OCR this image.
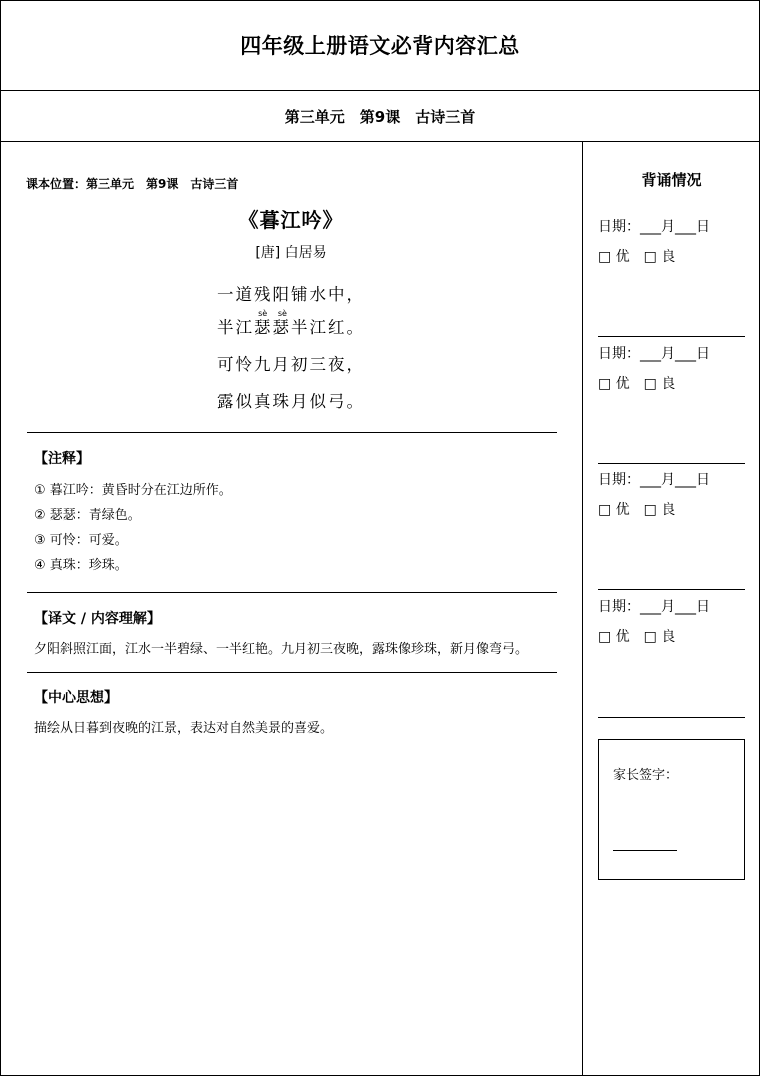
四年级上册语文必背内容汇总
第三单元　第9课　古诗三首
课本位置：第三单元　第9课　古诗三首
《暮江吟》
[唐] 白居易
一道残阳铺水中，
半江瑟瑟sè sè半江红。
可怜九月初三夜，
露似真珠月似弓。
【注释】
① 暮江吟：黄昏时分在江边所作。
② 瑟瑟：青绿色。
③ 可怜：可爱。
④ 真珠：珍珠。
【译文 / 内容理解】
夕阳斜照江面，江水一半碧绿、一半红艳。九月初三夜晚，露珠像珍珠，新月像弯弓。
【中心思想】
描绘从日暮到夜晚的江景，表达对自然美景的喜爱。
背诵情况
日期：___月___日
□ 优　□ 良
日期：___月___日
□ 优　□ 良
日期：___月___日
□ 优　□ 良
日期：___月___日
□ 优　□ 良
家长签字：
